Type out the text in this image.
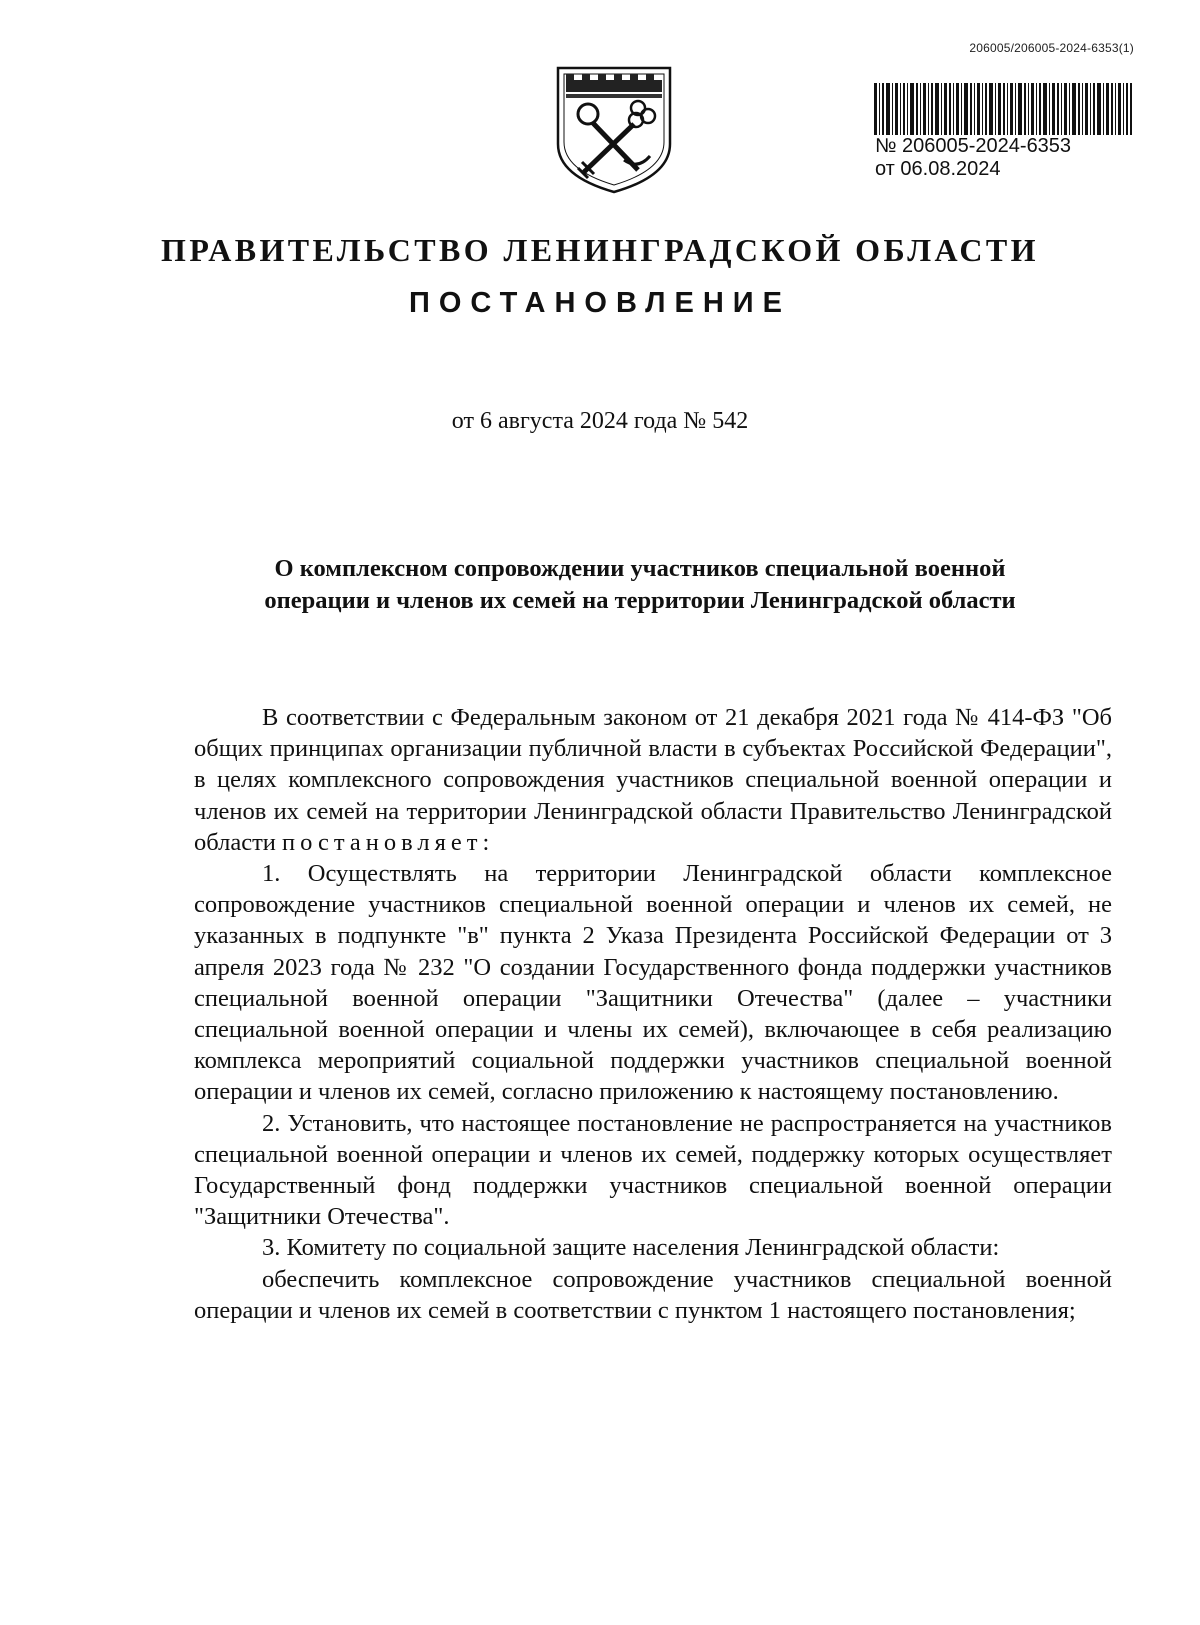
206005/206005-2024-6353(1)
№ 206005-2024-6353
от 06.08.2024
ПРАВИТЕЛЬСТВО ЛЕНИНГРАДСКОЙ ОБЛАСТИ
ПОСТАНОВЛЕНИЕ
от 6 августа 2024 года № 542
О комплексном сопровождении участников специальной военной операции и членов их семей на территории Ленинградской области

В соответствии с Федеральным законом от 21 декабря 2021 года № 414-ФЗ "Об общих принципах организации публичной власти в субъектах Российской Федерации", в целях комплексного сопровождения участников специальной военной операции и членов их семей на территории Ленинградской области Правительство Ленинградской области постановляет:

1. Осуществлять на территории Ленинградской области комплексное сопровождение участников специальной военной операции и членов их семей, не указанных в подпункте "в" пункта 2 Указа Президента Российской Федерации от 3 апреля 2023 года № 232 "О создании Государственного фонда поддержки участников специальной военной операции "Защитники Отечества" (далее – участники специальной военной операции и члены их семей), включающее в себя реализацию комплекса мероприятий социальной поддержки участников специальной военной операции и членов их семей, согласно приложению к настоящему постановлению.

2. Установить, что настоящее постановление не распространяется на участников специальной военной операции и членов их семей, поддержку которых осуществляет Государственный фонд поддержки участников специальной военной операции "Защитники Отечества".

3. Комитету по социальной защите населения Ленинградской области:

обеспечить комплексное сопровождение участников специальной военной операции и членов их семей в соответствии с пунктом 1 настоящего постановления;
